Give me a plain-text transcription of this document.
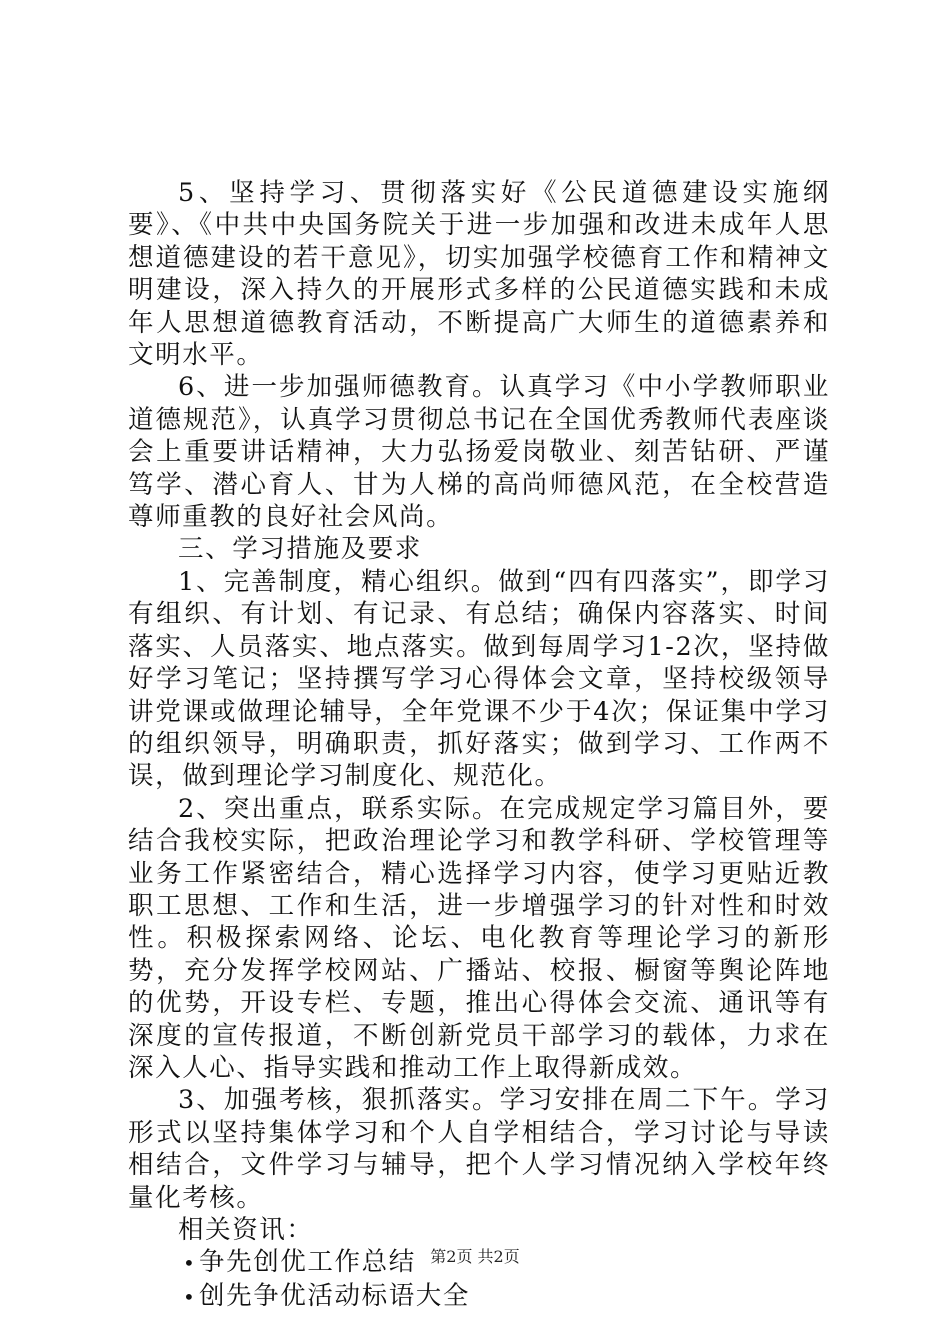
5、坚持学习、贯彻落实好《公民道德建设实施纲要》、《中共中央国务院关于进一步加强和改进未成年人思想道德建设的若干意见》，切实加强学校德育工作和精神文明建设，深入持久的开展形式多样的公民道德实践和未成年人思想道德教育活动，不断提高广大师生的道德素养和文明水平。

6、进一步加强师德教育。认真学习《中小学教师职业道德规范》，认真学习贯彻总书记在全国优秀教师代表座谈会上重要讲话精神，大力弘扬爱岗敬业、刻苦钻研、严谨笃学、潜心育人、甘为人梯的高尚师德风范，在全校营造尊师重教的良好社会风尚。

三、学习措施及要求

1、完善制度，精心组织。做到“四有四落实”，即学习有组织、有计划、有记录、有总结；确保内容落实、时间落实、人员落实、地点落实。做到每周学习1-2次，坚持做好学习笔记；坚持撰写学习心得体会文章，坚持校级领导讲党课或做理论辅导，全年党课不少于4次；保证集中学习的组织领导，明确职责，抓好落实；做到学习、工作两不误，做到理论学习制度化、规范化。

2、突出重点，联系实际。在完成规定学习篇目外，要结合我校实际，把政治理论学习和教学科研、学校管理等业务工作紧密结合，精心选择学习内容，使学习更贴近教职工思想、工作和生活，进一步增强学习的针对性和时效性。积极探索网络、论坛、电化教育等理论学习的新形势，充分发挥学校网站、广播站、校报、橱窗等舆论阵地的优势，开设专栏、专题，推出心得体会交流、通讯等有深度的宣传报道，不断创新党员干部学习的载体，力求在深入人心、指导实践和推动工作上取得新成效。

3、加强考核，狠抓落实。学习安排在周二下午。学习形式以坚持集体学习和个人自学相结合，学习讨论与导读相结合，文件学习与辅导，把个人学习情况纳入学校年终量化考核。

相关资讯：

• 争先创优工作总结
• 创先争优活动标语大全
第2页 共2页
